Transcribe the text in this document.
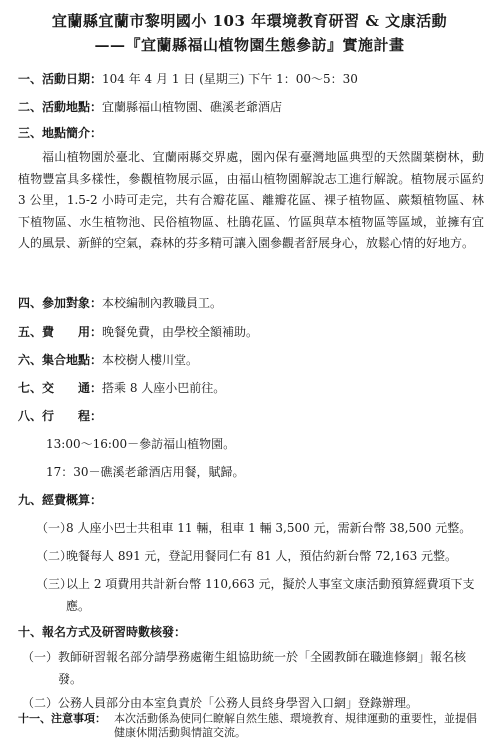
宜蘭縣宜蘭市黎明國小 103 年環境教育研習 & 文康活動
——『宜蘭縣福山植物園生態參訪』實施計畫
一、活動日期：104 年 4 月 1 日 (星期三) 下午 1：00～5：30
二、活動地點：宜蘭縣福山植物園、礁溪老爺酒店
三、地點簡介：
福山植物園於臺北、宜蘭兩縣交界處，園內保有臺灣地區典型的天然闊葉樹林，動植物豐富具多樣性，參觀植物展示區，由福山植物園解說志工進行解說。植物展示區約 3 公里，1.5-2 小時可走完，共有合瓣花區、離瓣花區、裸子植物區、蕨類植物區、林下植物區、水生植物池、民俗植物區、杜鵑花區、竹區與草本植物區等區域，並擁有宜人的風景、新鮮的空氣，森林的芬多精可讓入園參觀者舒展身心，放鬆心情的好地方。
四、參加對象：本校編制內教職員工。
五、費　　用：晚餐免費，由學校全額補助。
六、集合地點：本校樹人樓川堂。
七、交　　通：搭乘 8 人座小巴前往。
八、行　　程：
13:00～16:00－參訪福山植物園。
17：30－礁溪老爺酒店用餐，賦歸。
九、經費概算：
（一）
8 人座小巴士共租車 11 輛，租車 1 輛 3,500 元，需新台幣 38,500 元整。
（二）
晚餐每人 891 元，登記用餐同仁有 81 人，預估約新台幣 72,163 元整。
（三）
以上 2 項費用共計新台幣 110,663 元，擬於人事室文康活動預算經費項下支應。
十、報名方式及研習時數核發：
（一） 教師研習報名部分請學務處衛生組協助統一於「全國教師在職進修網」報名核發。
（二） 公務人員部分由本室負責於「公務人員終身學習入口網」登錄辦理。
十一、注意事項： 本次活動係為使同仁瞭解自然生態、環境教育、規律運動的重要性，並提倡健康休閒活動與情誼交流。
